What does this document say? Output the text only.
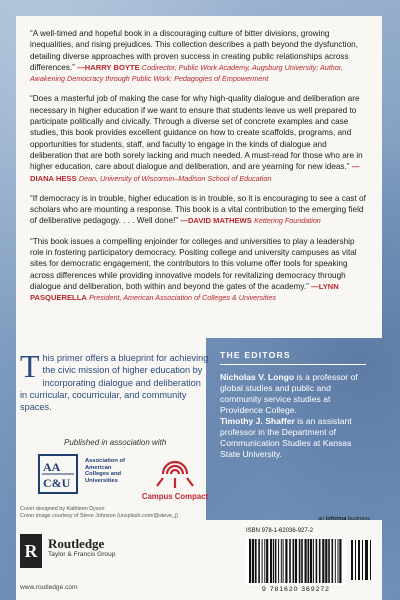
“A well-timed and hopeful book in a discouraging culture of bitter divisions, growing inequalities, and rising prejudices. This collection describes a path beyond the dysfunction, detailing diverse approaches with proven success in creating public relationships across differences.” —HARRY BOYTE Codirector, Public Work Academy, Augsburg University; Author, Awakening Democracy through Public Work: Pedagogies of Empowerment

“Does a masterful job of making the case for why high-quality dialogue and deliberation are necessary in higher education if we want to ensure that students leave us well prepared to participate politically and civically. Through a diverse set of concrete examples and case studies, this book provides excellent guidance on how to create scaffolds, programs, and opportunities for students, staff, and faculty to engage in the kinds of dialogue and deliberation that are both sorely lacking and much needed. A must-read for those who are in higher education, care about dialogue and deliberation, and are yearning for new ideas.” —DIANA HESS Dean, University of Wisconsin–Madison School of Education

“If democracy is in trouble, higher education is in trouble, so it is encouraging to see a cast of scholars who are mounting a response. This book is a vital contribution to the emerging field of deliberative pedagogy. . . . Well done!” —DAVID MATHEWS Kettering Foundation

“This book issues a compelling enjoinder for colleges and universities to play a leadership role in fostering participatory democracy. Positing college and university campuses as vital sites for democratic engagement, the contributors to this volume offer tools for speaking across differences while providing innovative models for revitalizing democracy through dialogue and deliberation, both within and beyond the gates of the academy.” —LYNN PASQUERELLA President, American Association of Colleges & Universities

This primer offers a blueprint for achieving the civic mission of higher education by incorporating dialogue and deliberation in curricular, cocurricular, and community spaces.

Published in association with
AA
C&U
Association of American Colleges and Universities
Campus Compact
Cover designed by Kathleen Dyson
Cover image courtesy of Steve Johnson (unsplash.com/@steve_j)
THE EDITORS

Nicholas V. Longo is a professor of global studies and public and community service studies at Providence College.
Timothy J. Shaffer is an assistant professor in the Department of Communication Studies at Kansas State University.

R Routledge
Taylor & Francis Group
www.routledge.com
an informa business
ISBN 978-1-62036-927-2
9 781620 369272
